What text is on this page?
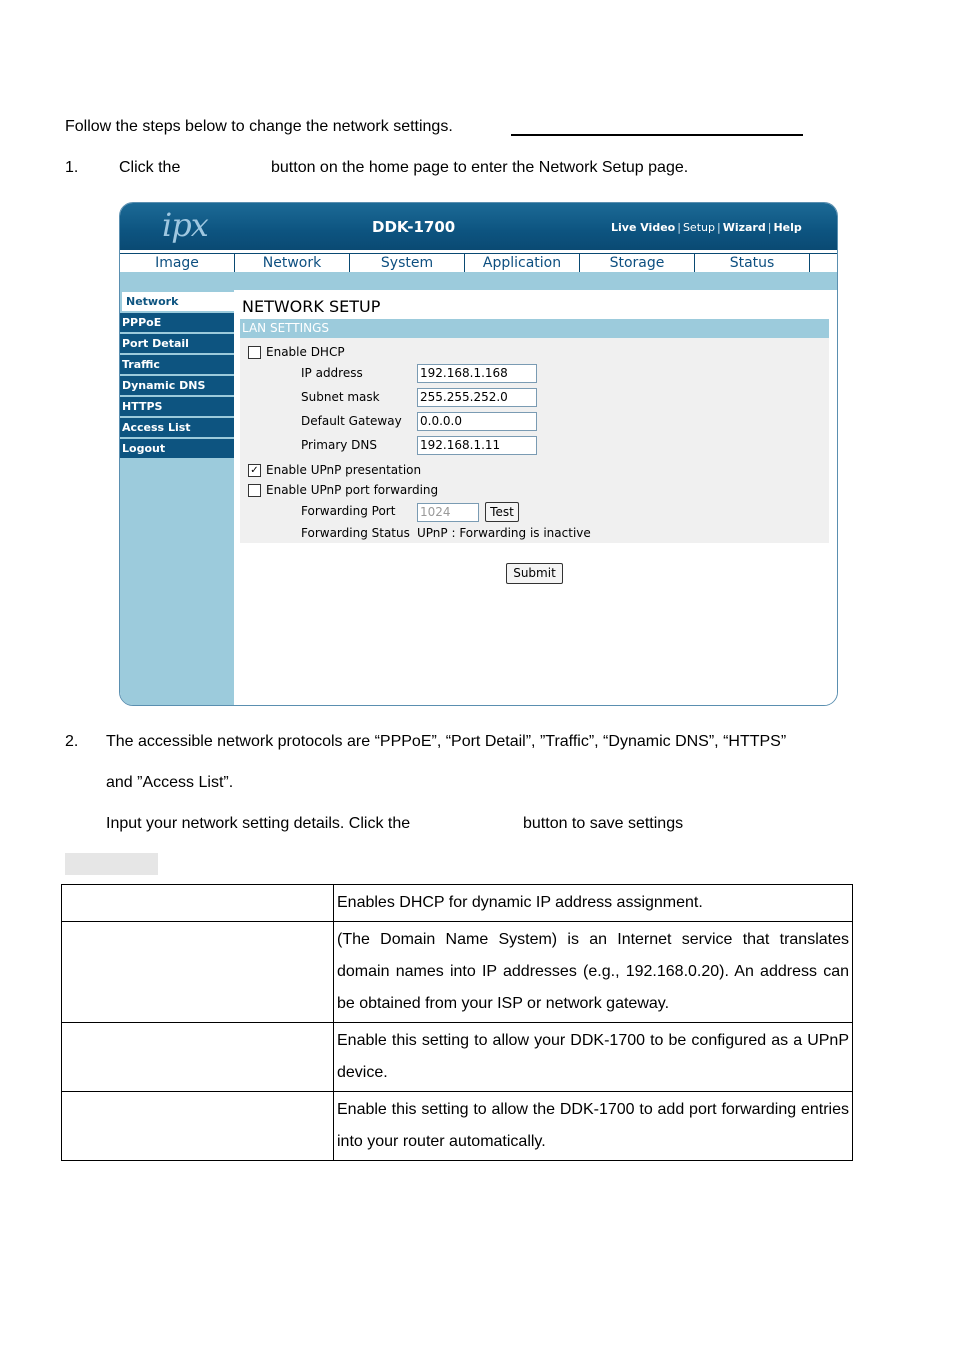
Follow the steps below to change the network settings.
1.	Click the	button on the home page to enter the Network Setup page.
ipx	DDK-1700	Live Video | Setup | Wizard | Help
Image	Network	System	Application	Storage	Status
Network
PPPoE
Port Detail
Traffic
Dynamic DNS
HTTPS
Access List
Logout
NETWORK SETUP
LAN SETTINGS
Enable DHCP
IP address	192.168.1.168
Subnet mask	255.255.252.0
Default Gateway 0.0.0.0
Primary DNS	192.168.1.11
✓ Enable UPnP presentation
Enable UPnP port forwarding
Forwarding Port 1024	Test
Forwarding Status UPnP : Forwarding is inactive
Submit
2. The accessible network protocols are “PPPoE”, “Port Detail”, ”Traffic”, “Dynamic DNS”, “HTTPS”
and ”Access List”.
Input your network setting details. Click the	button to save settings
	Enables DHCP for dynamic IP address assignment.
	(The Domain Name System) is an Internet service that translates domain names into IP addresses (e.g., 192.168.0.20). An address can be obtained from your ISP or network gateway.
	Enable this setting to allow your DDK-1700 to be configured as a UPnP device.
	Enable this setting to allow the DDK-1700 to add port forwarding entries into your router automatically.
